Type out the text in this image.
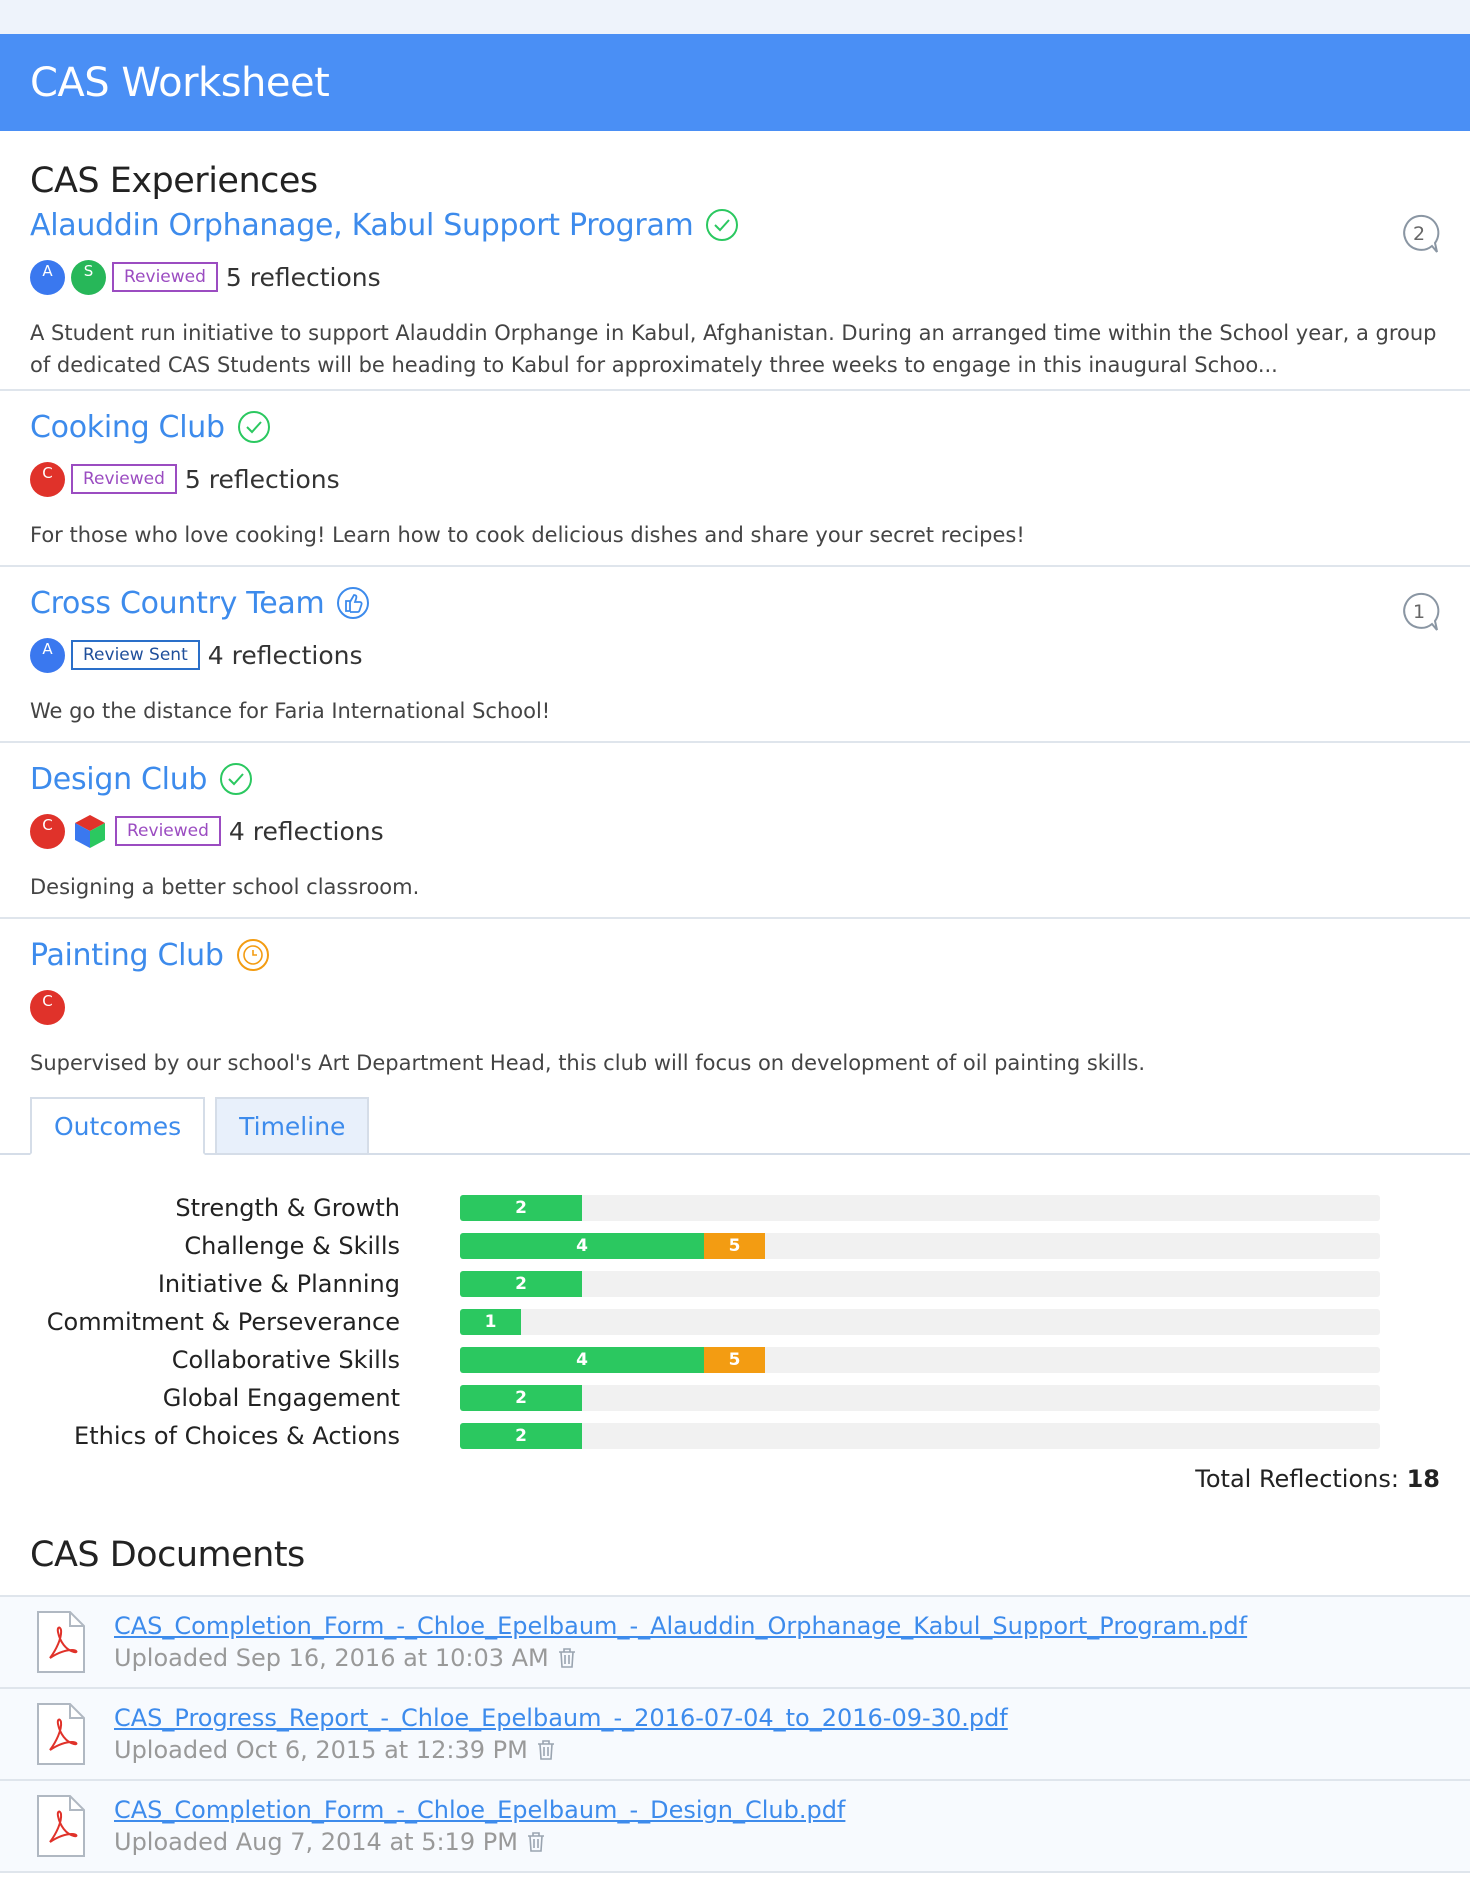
CAS Worksheet
CAS Experiences
Alauddin Orphanage, Kabul Support Program	2
A	S	Reviewed 5 reflections
A Student run initiative to support Alauddin Orphange in Kabul, Afghanistan. During an arranged time within the School year, a group of dedicated CAS Students will be heading to Kabul for approximately three weeks to engage in this inaugural Schoo...
Cooking Club
C	Reviewed 5 reflections
For those who love cooking! Learn how to cook delicious dishes and share your secret recipes!
Cross Country Team	1
A	Review Sent 4 reflections
We go the distance for Faria International School!
Design Club
C	Reviewed 4 reflections
Designing a better school classroom.
Painting Club
C
Supervised by our school's Art Department Head, this club will focus on development of oil painting skills.
Outcomes	Timeline
Strength & Growth	2
Challenge & Skills	4	5
Initiative & Planning	2
Commitment & Perseverance	1
Collaborative Skills	4	5
Global Engagement	2
Ethics of Choices & Actions	2
Total Reflections: 18
CAS Documents
CAS_Completion_Form_-_Chloe_Epelbaum_-_Alauddin_Orphanage_Kabul_Support_Program.pdf
Uploaded Sep 16, 2016 at 10:03 AM
CAS_Progress_Report_-_Chloe_Epelbaum_-_2016-07-04_to_2016-09-30.pdf
Uploaded Oct 6, 2015 at 12:39 PM
CAS_Completion_Form_-_Chloe_Epelbaum_-_Design_Club.pdf
Uploaded Aug 7, 2014 at 5:19 PM
